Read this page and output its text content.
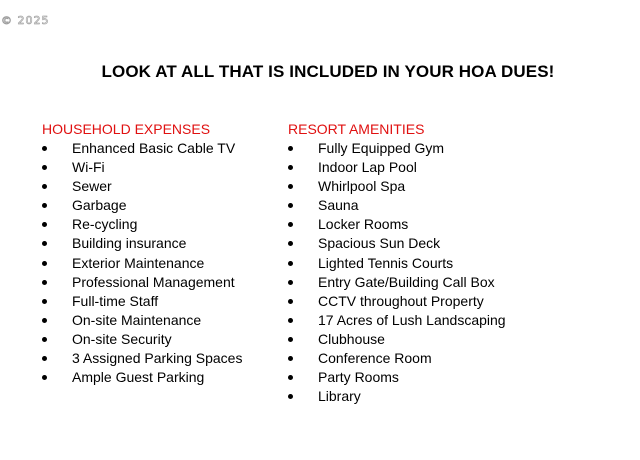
© 2025
LOOK AT ALL THAT IS INCLUDED IN YOUR HOA DUES!
HOUSEHOLD EXPENSES
Enhanced Basic Cable TV
Wi-Fi
Sewer
Garbage
Re-cycling
Building insurance
Exterior Maintenance
Professional Management
Full-time Staff
On-site Maintenance
On-site Security
3 Assigned Parking Spaces
Ample Guest Parking
RESORT AMENITIES
Fully Equipped Gym
Indoor Lap Pool
Whirlpool Spa
Sauna
Locker Rooms
Spacious Sun Deck
Lighted Tennis Courts
Entry Gate/Building Call Box
CCTV throughout Property
17 Acres of Lush Landscaping
Clubhouse
Conference Room
Party Rooms
Library
